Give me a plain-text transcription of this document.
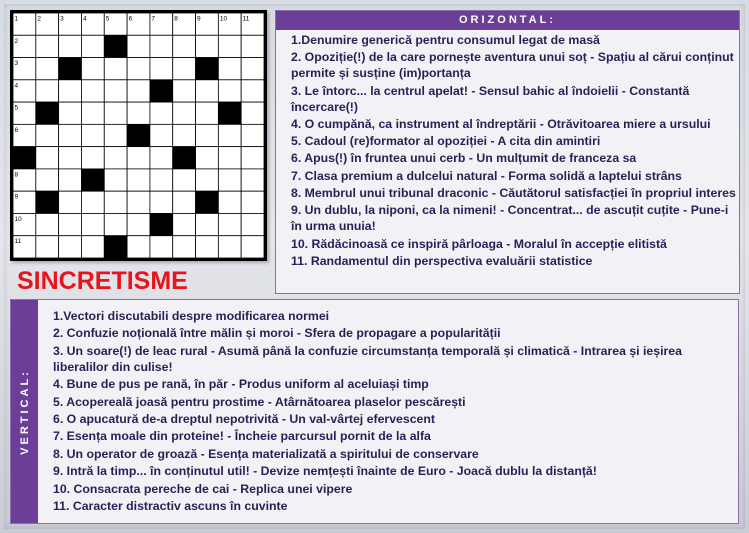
1	2	3	4	5	6	7	8	9	10 11
2
3
4
5
6
7
8
9
10
11
SINCRETISME
ORIZONTAL:
1.Denumire generică pentru consumul legat de masă
2. Opoziție(!) de la care pornește aventura unui soț - Spațiu al cărui conținut permite și susține (im)portanța
3. Le întorc... la centrul apelat! - Sensul bahic al îndoielii - Constantă încercare(!)
4. O cumpănă, ca instrument al îndreptării - Otrăvitoarea miere a ursului
5. Cadoul (re)formator al opoziției - A cita din amintiri
6. Apus(!) în fruntea unui cerb - Un mulțumit de franceza sa
7. Clasa premium a dulcelui natural - Forma solidă a laptelui strâns
8. Membrul unui tribunal draconic - Căutătorul satisfacției în propriul interes
9. Un dublu, la niponi, ca la nimeni! - Concentrat... de ascuțit cuțite - Pune-i în urma unuia!
10. Rădăcinoasă ce inspiră pârloaga - Moralul în accepție elitistă
11. Randamentul din perspectiva evaluării statistice
VERTICAL:
1.Vectori discutabili despre modificarea normei
2. Confuzie noțională între mălin și moroi - Sfera de propagare a popularității
3. Un soare(!) de leac rural - Asumă până la confuzie circumstanța temporală și climatică - Intrarea și ieșirea liberalilor din culise!
4. Bune de pus pe rană, în păr - Produs uniform al aceluiași timp
5. Acoperealã joasă pentru prostime - Atârnătoarea plaselor pescărești
6. O apucatură de-a dreptul nepotrivită - Un val-vârtej efervescent
7. Esența moale din proteine! - Încheie parcursul pornit de la alfa
8. Un operator de groază - Esența materializată a spiritului de conservare
9. Intră la timp... în conținutul util! - Devize nemțești înainte de Euro - Joacă dublu la distanță!
10. Consacrata pereche de cai - Replica unei vipere
11. Caracter distractiv ascuns în cuvinte
